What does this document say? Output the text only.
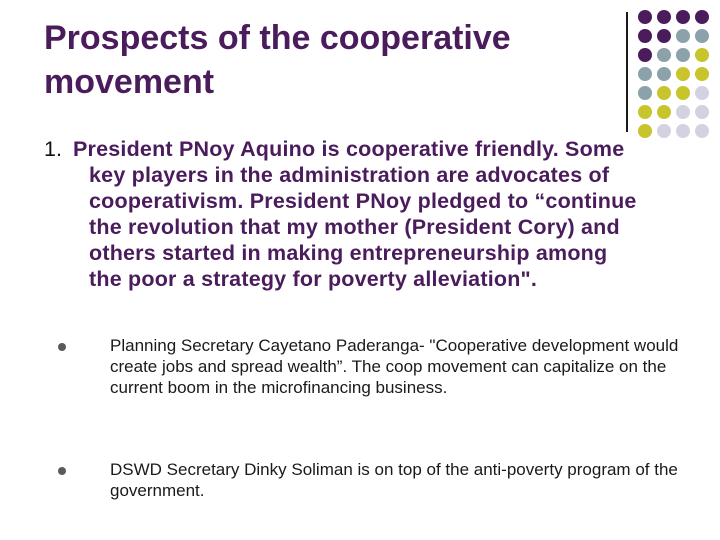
Prospects of the cooperative movement
1. President PNoy Aquino is cooperative friendly. Some key players in the administration are advocates of cooperativism. President PNoy pledged to “continue the revolution that my mother (President Cory) and others started in making entrepreneurship among the poor a strategy for poverty alleviation".

Planning Secretary Cayetano Paderanga- "Cooperative development would create jobs and spread wealth”. The coop movement can capitalize on the current boom in the microfinancing business.

DSWD Secretary Dinky Soliman is on top of the anti-poverty program of the government.
